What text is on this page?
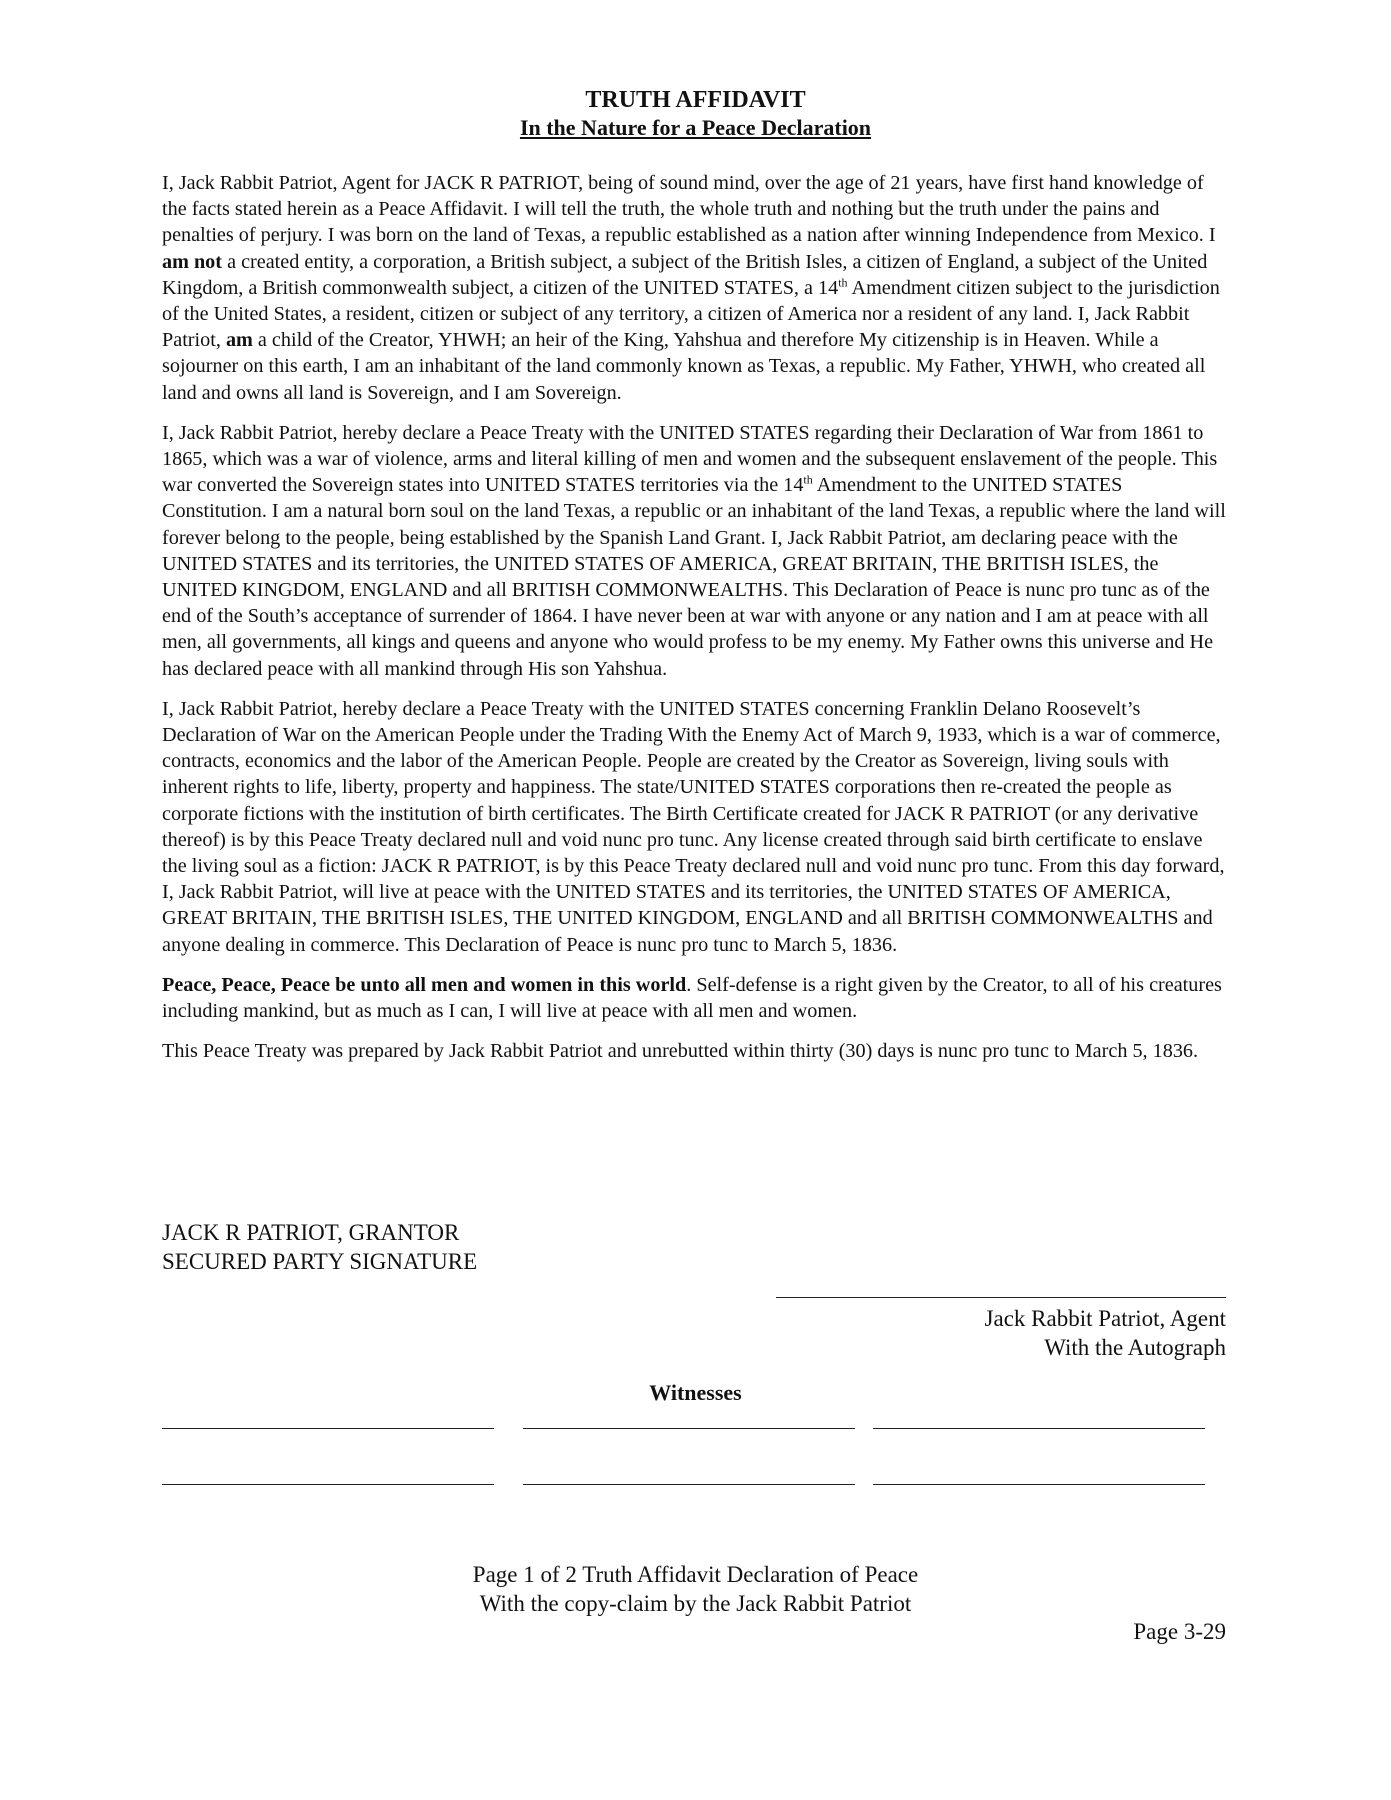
TRUTH AFFIDAVIT
In the Nature for a Peace Declaration

I, Jack Rabbit Patriot, Agent for JACK R PATRIOT, being of sound mind, over the age of 21 years, have first hand knowledge of the facts stated herein as a Peace Affidavit. I will tell the truth, the whole truth and nothing but the truth under the pains and penalties of perjury. I was born on the land of Texas, a republic established as a nation after winning Independence from Mexico. I am not a created entity, a corporation, a British subject, a subject of the British Isles, a citizen of England, a subject of the United Kingdom, a British commonwealth subject, a citizen of the UNITED STATES, a 14th Amendment citizen subject to the jurisdiction of the United States, a resident, citizen or subject of any territory, a citizen of America nor a resident of any land. I, Jack Rabbit Patriot, am a child of the Creator, YHWH; an heir of the King, Yahshua and therefore My citizenship is in Heaven. While a sojourner on this earth, I am an inhabitant of the land commonly known as Texas, a republic. My Father, YHWH, who created all land and owns all land is Sovereign, and I am Sovereign.

I, Jack Rabbit Patriot, hereby declare a Peace Treaty with the UNITED STATES regarding their Declaration of War from 1861 to 1865, which was a war of violence, arms and literal killing of men and women and the subsequent enslavement of the people. This war converted the Sovereign states into UNITED STATES territories via the 14th Amendment to the UNITED STATES Constitution. I am a natural born soul on the land Texas, a republic or an inhabitant of the land Texas, a republic where the land will forever belong to the people, being established by the Spanish Land Grant. I, Jack Rabbit Patriot, am declaring peace with the UNITED STATES and its territories, the UNITED STATES OF AMERICA, GREAT BRITAIN, THE BRITISH ISLES, the UNITED KINGDOM, ENGLAND and all BRITISH COMMONWEALTHS. This Declaration of Peace is nunc pro tunc as of the end of the South’s acceptance of surrender of 1864. I have never been at war with anyone or any nation and I am at peace with all men, all governments, all kings and queens and anyone who would profess to be my enemy. My Father owns this universe and He has declared peace with all mankind through His son Yahshua.

I, Jack Rabbit Patriot, hereby declare a Peace Treaty with the UNITED STATES concerning Franklin Delano Roosevelt’s Declaration of War on the American People under the Trading With the Enemy Act of March 9, 1933, which is a war of commerce, contracts, economics and the labor of the American People. People are created by the Creator as Sovereign, living souls with inherent rights to life, liberty, property and happiness. The state/UNITED STATES corporations then re-created the people as corporate fictions with the institution of birth certificates. The Birth Certificate created for JACK R PATRIOT (or any derivative thereof) is by this Peace Treaty declared null and void nunc pro tunc. Any license created through said birth certificate to enslave the living soul as a fiction: JACK R PATRIOT, is by this Peace Treaty declared null and void nunc pro tunc. From this day forward, I, Jack Rabbit Patriot, will live at peace with the UNITED STATES and its territories, the UNITED STATES OF AMERICA, GREAT BRITAIN, THE BRITISH ISLES, THE UNITED KINGDOM, ENGLAND and all BRITISH COMMONWEALTHS and anyone dealing in commerce. This Declaration of Peace is nunc pro tunc to March 5, 1836.

Peace, Peace, Peace be unto all men and women in this world. Self-defense is a right given by the Creator, to all of his creatures including mankind, but as much as I can, I will live at peace with all men and women.

This Peace Treaty was prepared by Jack Rabbit Patriot and unrebutted within thirty (30) days is nunc pro tunc to March 5, 1836.

JACK R PATRIOT, GRANTOR
SECURED PARTY SIGNATURE
Jack Rabbit Patriot, Agent
With the Autograph
Witnesses
Page 1 of 2 Truth Affidavit Declaration of Peace
With the copy-claim by the Jack Rabbit Patriot
Page 3-29
